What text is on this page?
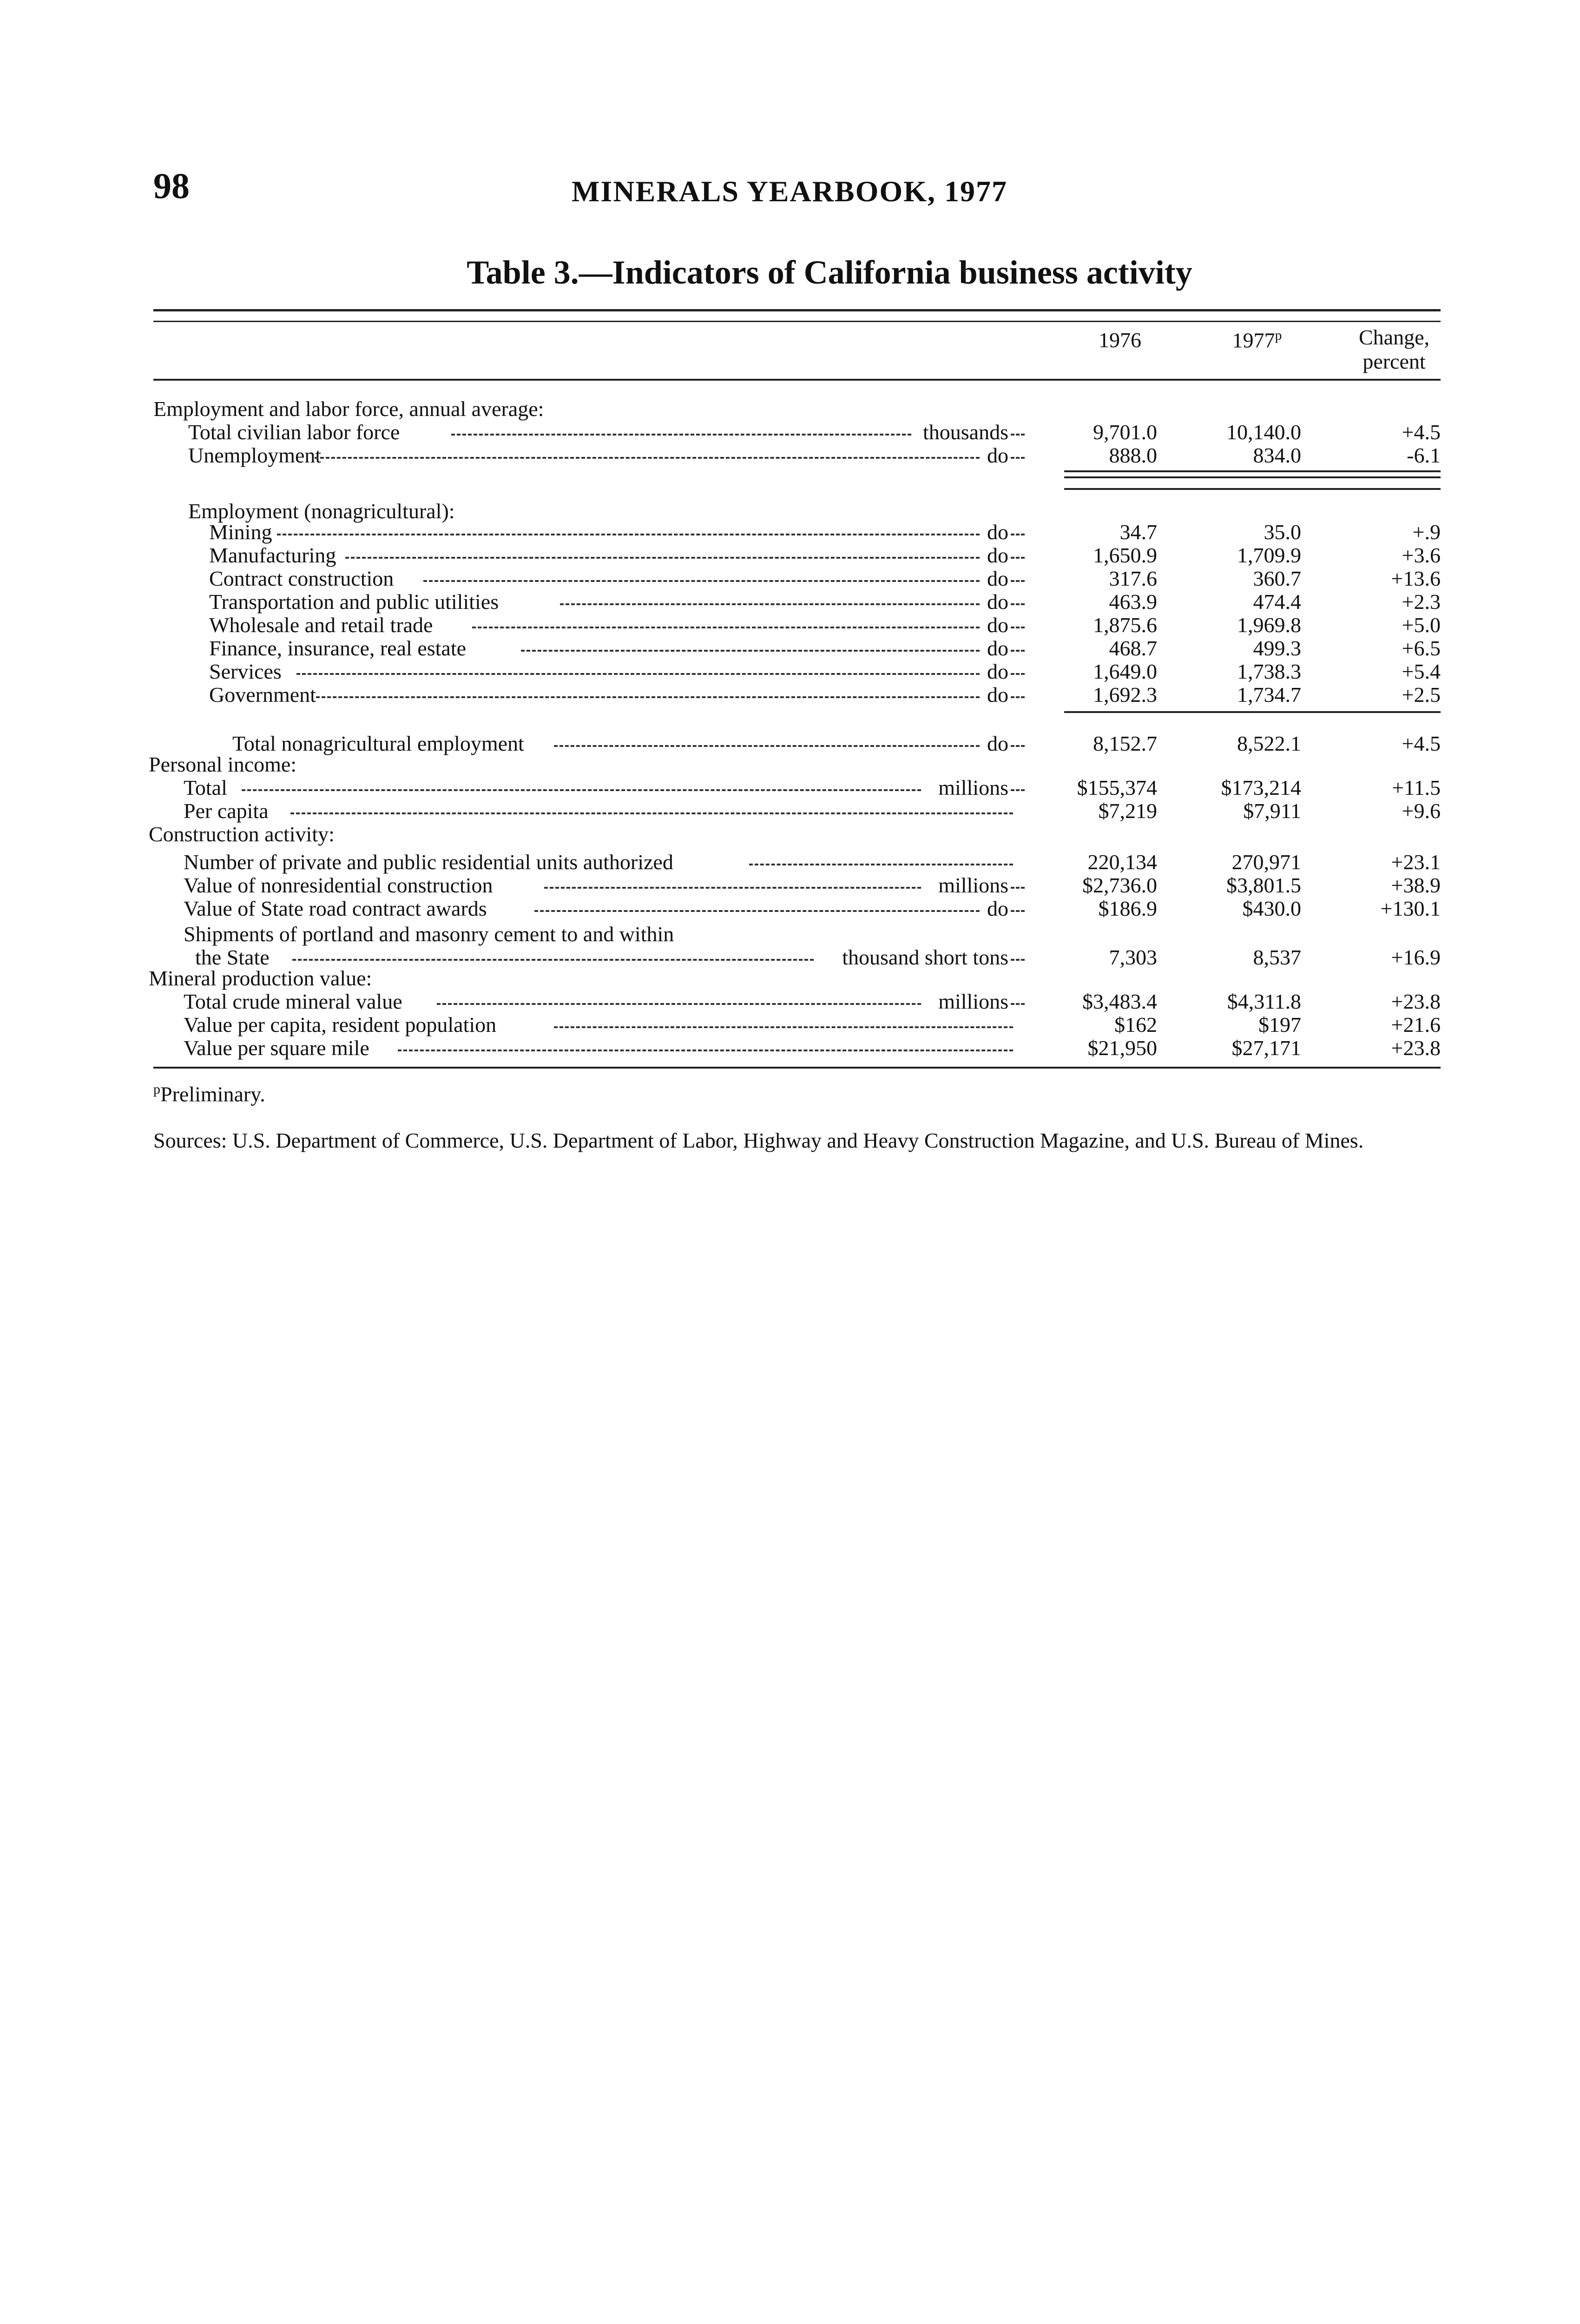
98	MINERALS YEARBOOK, 1977
Table 3.—Indicators of California business activity
1976	1977$^p$	Change,
percent
Employment and labor force, annual average:
Total civilian labor force	thousands	9,701.0	10,140.0	+4.5
Unemployment	do	888.0	834.0	-6.1
Employment (nonagricultural):
Mining	do	34.7	35.0	+.9
Manufacturing	do	1,650.9	1,709.9	+3.6
Contract construction	do	317.6	360.7	+13.6
Transportation and public utilities	do	463.9	474.4	+2.3
Wholesale and retail trade	do	1,875.6	1,969.8	+5.0
Finance, insurance, real estate	do	468.7	499.3	+6.5
Services	do	1,649.0	1,738.3	+5.4
Government	do	1,692.3	1,734.7	+2.5
Total nonagricultural employment	do	8,152.7	8,522.1	+4.5
Personal income:
Total	millions	$155,374	$173,214	+11.5
Per capita	$7,219	$7,911	+9.6
Construction activity:
Number of private and public residential units authorized	220,134	270,971	+23.1
Value of nonresidential construction	millions	$2,736.0	$3,801.5	+38.9
Value of State road contract awards	do	$186.9	$430.0	+130.1
Shipments of portland and masonry cement to and within
the State	thousand short tons	7,303	8,537	+16.9
Mineral production value:
Total crude mineral value	millions	$3,483.4	$4,311.8	+23.8
Value per capita, resident population	$162	$197	+21.6
Value per square mile	$21,950	$27,171	+23.8
$^p$Preliminary.
Sources: U.S. Department of Commerce, U.S. Department of Labor, Highway and Heavy Construction Magazine, and U.S. Bureau of Mines.
